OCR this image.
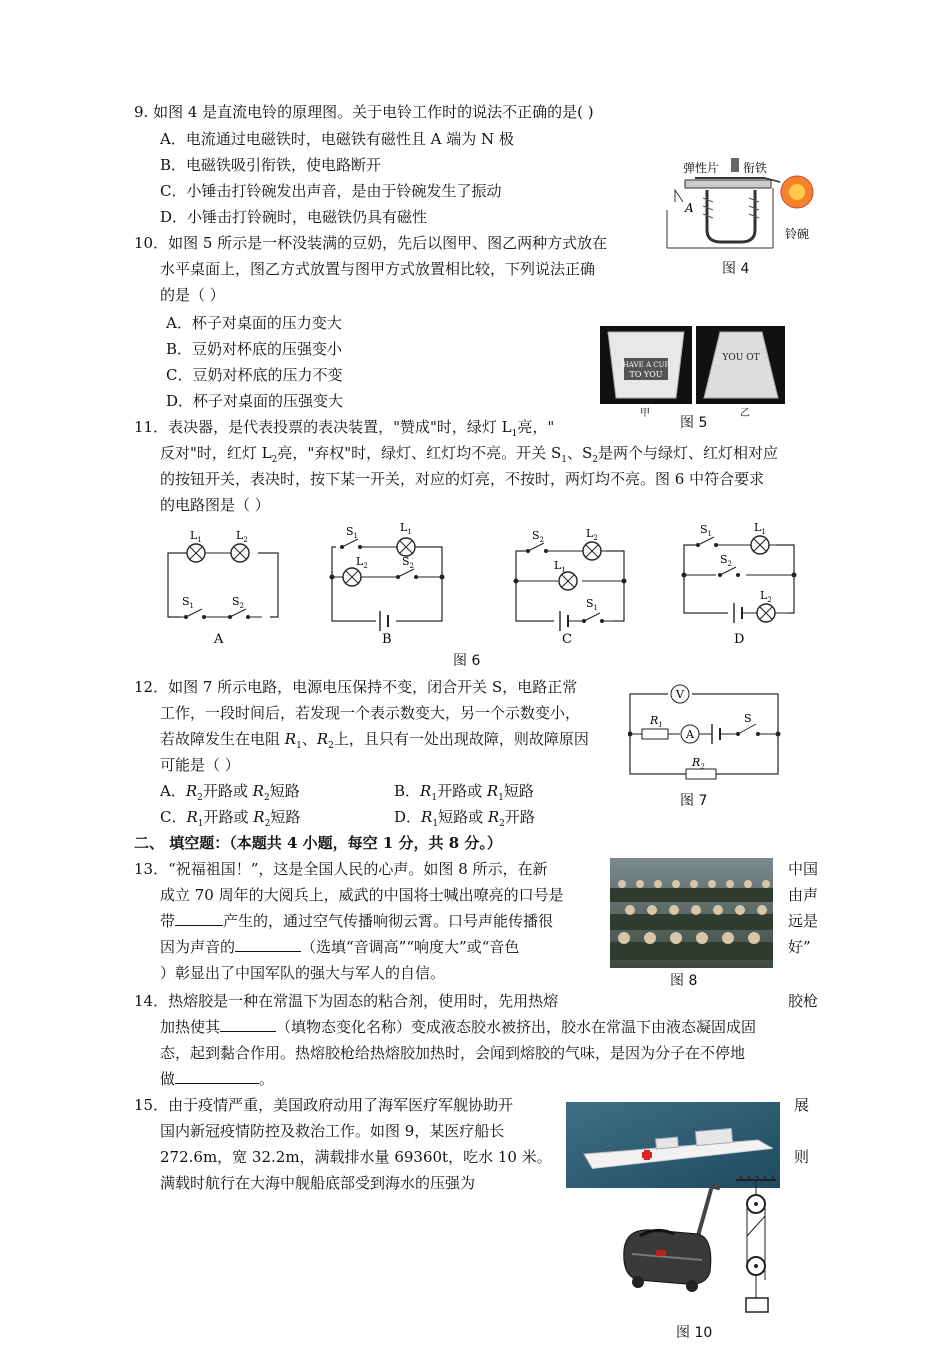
9. 如图 4 是直流电铃的原理图。关于电铃工作时的说法不正确的是( )
A．电流通过电磁铁时，电磁铁有磁性且 A 端为 N 极
B．电磁铁吸引衔铁，使电路断开
C．小锤击打铃碗发出声音，是由于铃碗发生了振动
D．小锤击打铃碗时，电磁铁仍具有磁性
弹性片 衔铁
A
铃碗
图 4
10．如图 5 所示是一杯没装满的豆奶，先后以图甲、图乙两种方式放在
水平桌面上，图乙方式放置与图甲方式放置相比较，下列说法正确
的是（ ）
A．杯子对桌面的压力变大
B．豆奶对杯底的压强变小
C．豆奶对杯底的压力不变
D．杯子对桌面的压强变大
HAVE A CUP
TO YOU
YOU OT
甲	乙
图 5
11．表决器，是代表投票的表决装置，"赞成"时，绿灯 $L_1$亮，"
反对"时，红灯 $L_2$亮，"弃权"时，绿灯、红灯均不亮。开关 $S_1$、$S_2$是两个与绿灯、红灯相对应
的按钮开关，表决时，按下某一开关，对应的灯亮，不按时，两灯均不亮。图 6 中符合要求
的电路图是（ ）
$L_1$	$L_2$
$S_1$	$S_2$
A
$S_1$
$L_1$
$L_2$	$S_2$
B
$S_2$	$L_2$
$L_1$
$S_1$
C
$S_1$	$L_1$
$S_2$
$L_2$
D
图 6
12．如图 7 所示电路，电源电压保持不变，闭合开关 S，电路正常
工作，一段时间后，若发现一个表示数变大，另一个示数变小，
若故障发生在电阻 $R_1$、$R_2$上，且只有一处出现故障，则故障原因
可能是（ ）
A．$R_2$开路或 $R_2$短路	B．$R_1$开路或 $R_1$短路
C．$R_1$开路或 $R_2$短路	D．$R_1$短路或 $R_2$开路
V
A
$R_1$	S
$R_2$
图 7
二、 填空题：（本题共 4 小题，每空 1 分，共 8 分。）
13．“祝福祖国！”，这是全国人民的心声。如图 8 所示，在新
成立 70 周年的大阅兵上，威武的中国将士喊出嘹亮的口号是
带	产生的，通过空气传播响彻云霄。口号声能传播很
因为声音的	（选填“音调高”“响度大”或“音色
）彰显出了中国军队的强大与军人的自信。
中国
由声
远是
好”
图 8
14．热熔胶是一种在常温下为固态的粘合剂，使用时，先用热熔	胶枪
加热使其	（填物态变化名称）变成液态胶水被挤出，胶水在常温下由液态凝固成固
态，起到黏合作用。热熔胶枪给热熔胶加热时，会闻到熔胶的气味，是因为分子在不停地
做	。
15．由于疫情严重，美国政府动用了海军医疗军舰协助开	展
国内新冠疫情防控及救治工作。如图 9，某医疗船长
272.6m，宽 32.2m，满载排水量 69360t，吃水 10 米。	则
满载时航行在大海中舰船底部受到海水的压强为
图 10
